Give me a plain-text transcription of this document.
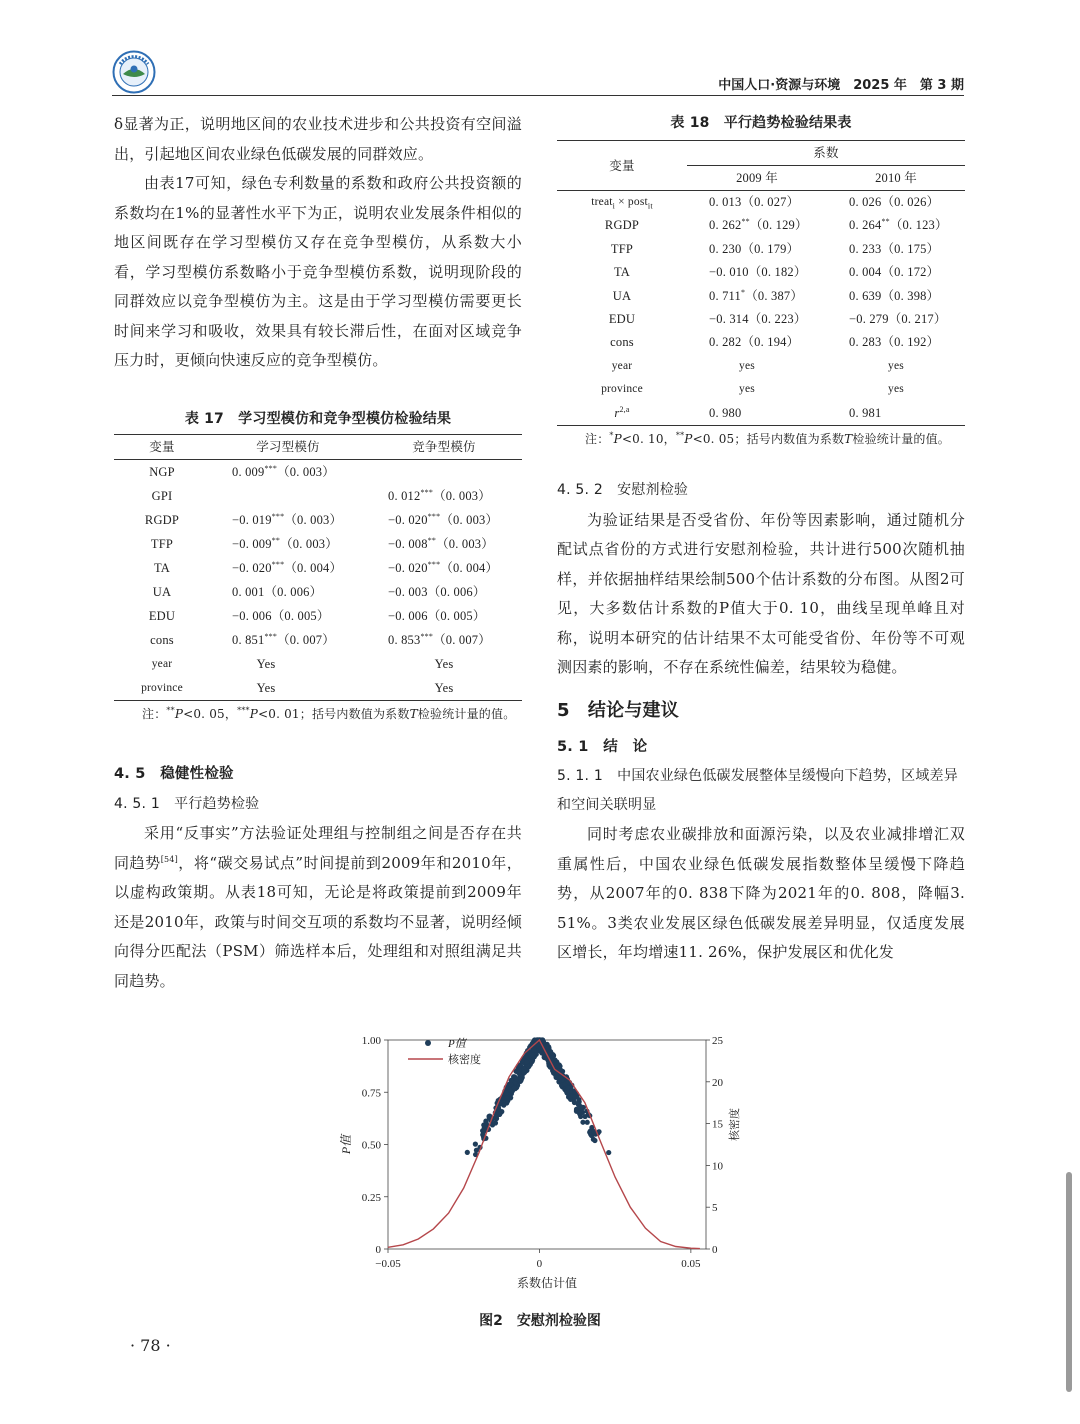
中国人口·资源与环境　2025 年　第 3 期

δ显著为正，说明地区间的农业技术进步和公共投资有空间溢出，引起地区间农业绿色低碳发展的同群效应。

由表17可知，绿色专利数量的系数和政府公共投资额的系数均在1%的显著性水平下为正，说明农业发展条件相似的地区间既存在学习型模仿又存在竞争型模仿，从系数大小看，学习型模仿系数略小于竞争型模仿系数，说明现阶段的同群效应以竞争型模仿为主。这是由于学习型模仿需要更长时间来学习和吸收，效果具有较长滞后性，在面对区域竞争压力时，更倾向快速反应的竞争型模仿。

表 17　学习型模仿和竞争型模仿检验结果
变量	学习型模仿	竞争型模仿
NGP	0. 009***（0. 003）	
GPI		0. 012***（0. 003）
RGDP	−0. 019***（0. 003）	−0. 020***（0. 003）
TFP	−0. 009**（0. 003）	−0. 008**（0. 003）
TA	−0. 020***（0. 004）	−0. 020***（0. 004）
UA	0. 001（0. 006）	−0. 003（0. 006）
EDU	−0. 006（0. 005）	−0. 006（0. 005）
cons	0. 851***（0. 007）	0. 853***（0. 007）
year	Yes	Yes
province	Yes	Yes
注：**P<0. 05，***P<0. 01；括号内数值为系数T检验统计量的值。
4. 5　稳健性检验
4. 5. 1　平行趋势检验

采用“反事实”方法验证处理组与控制组之间是否存在共同趋势[54]，将“碳交易试点”时间提前到2009年和2010年，以虚构政策期。从表18可知，无论是将政策提前到2009年还是2010年，政策与时间交互项的系数均不显著，说明经倾向得分匹配法（PSM）筛选样本后，处理组和对照组满足共同趋势。

表 18　平行趋势检验结果表
变量	系数	
	2009 年	2010 年
treat$_i$ × post$_{it}$	0. 013（0. 027）	0. 026（0. 026）
RGDP	0. 262**（0. 129）	0. 264**（0. 123）
TFP	0. 230（0. 179）	0. 233（0. 175）
TA	−0. 010（0. 182）	0. 004（0. 172）
UA	0. 711*（0. 387）	0. 639（0. 398）
EDU	−0. 314（0. 223）	−0. 279（0. 217）
cons	0. 282（0. 194）	0. 283（0. 192）
year	yes	yes
province	yes	yes
$r^{2,a}$	0. 980	0. 981
注：*P<0. 10，**P<0. 05；括号内数值为系数T检验统计量的值。
4. 5. 2　安慰剂检验

为验证结果是否受省份、年份等因素影响，通过随机分配试点省份的方式进行安慰剂检验，共计进行500次随机抽样，并依据抽样结果绘制500个估计系数的分布图。从图2可见，大多数估计系数的P值大于0. 10，曲线呈现单峰且对称，说明本研究的估计结果不太可能受省份、年份等不可观测因素的影响，不存在系统性偏差，结果较为稳健。

5　结论与建议
5. 1　结　论
5. 1. 1　中国农业绿色低碳发展整体呈缓慢向下趋势，区域差异和空间关联明显

同时考虑农业碳排放和面源污染，以及农业减排增汇双重属性后，中国农业绿色低碳发展指数整体呈缓慢下降趋势，从2007年的0. 838下降为2021年的0. 808，降幅3. 51%。3类农业发展区绿色低碳发展差异明显，仅适度发展区增长，年均增速11. 26%，保护发展区和优化发

0
0.25
0.50
0.75
1.00
0
5
10
15
20
25
−0.05	0	0.05
系数估计值
P值
核密度
P值
核密度
图2　安慰剂检验图
· 78 ·
